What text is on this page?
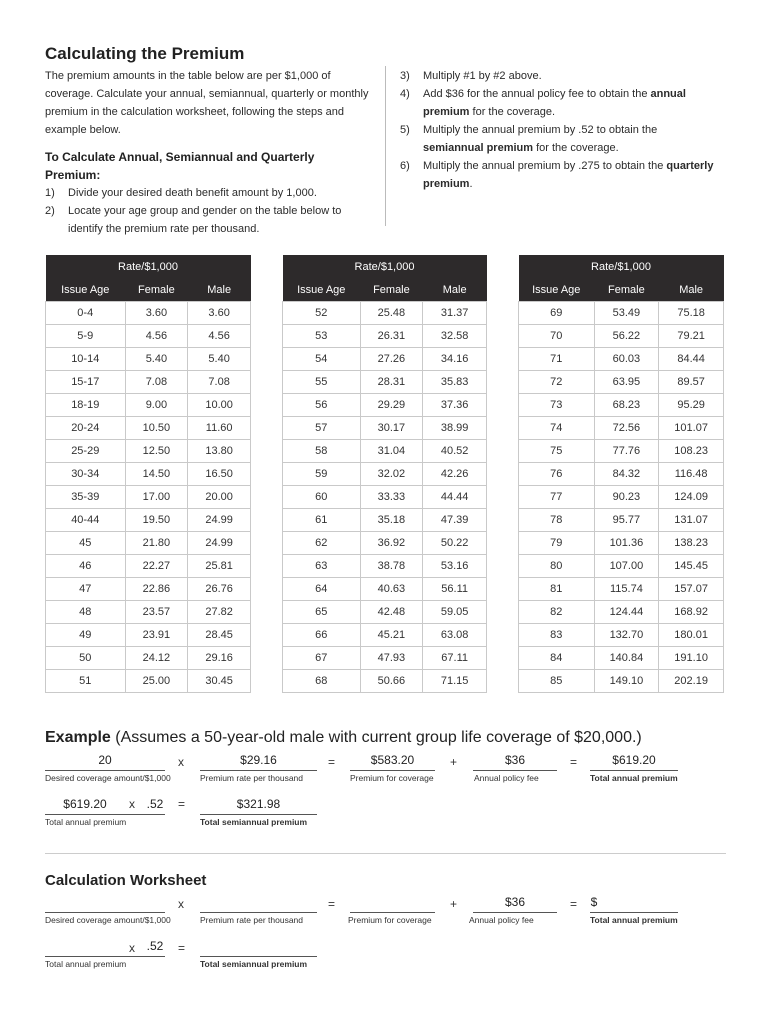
Calculating the Premium
The premium amounts in the table below are per $1,000 of coverage. Calculate your annual, semiannual, quarterly or monthly premium in the calculation worksheet, following the steps and example below.
To Calculate Annual, Semiannual and Quarterly Premium:
1) Divide your desired death benefit amount by 1,000.
2) Locate your age group and gender on the table below to identify the premium rate per thousand.
3) Multiply #1 by #2 above.
4) Add $36 for the annual policy fee to obtain the annual premium for the coverage.
5) Multiply the annual premium by .52 to obtain the semiannual premium for the coverage.
6) Multiply the annual premium by .275 to obtain the quarterly premium.
Rate/$1,000		
Issue Age	Female	Male
0-4	3.60	3.60
5-9	4.56	4.56
10-14	5.40	5.40
15-17	7.08	7.08
18-19	9.00	10.00
20-24	10.50	11.60
25-29	12.50	13.80
30-34	14.50	16.50
35-39	17.00	20.00
40-44	19.50	24.99
45	21.80	24.99
46	22.27	25.81
47	22.86	26.76
48	23.57	27.82
49	23.91	28.45
50	24.12	29.16
51	25.00	30.45
Rate/$1,000		
Issue Age	Female	Male
52	25.48	31.37
53	26.31	32.58
54	27.26	34.16
55	28.31	35.83
56	29.29	37.36
57	30.17	38.99
58	31.04	40.52
59	32.02	42.26
60	33.33	44.44
61	35.18	47.39
62	36.92	50.22
63	38.78	53.16
64	40.63	56.11
65	42.48	59.05
66	45.21	63.08
67	47.93	67.11
68	50.66	71.15
Rate/$1,000		
Issue Age	Female	Male
69	53.49	75.18
70	56.22	79.21
71	60.03	84.44
72	63.95	89.57
73	68.23	95.29
74	72.56	101.07
75	77.76	108.23
76	84.32	116.48
77	90.23	124.09
78	95.77	131.07
79	101.36	138.23
80	107.00	145.45
81	115.74	157.07
82	124.44	168.92
83	132.70	180.01
84	140.84	191.10
85	149.10	202.19
Example (Assumes a 50-year-old male with current group life coverage of $20,000.)
20
Desired coverage amount/$1,000
x	$29.16
Premium rate per thousand
=	$583.20
Premium for coverage
+	$36
Annual policy fee
=	$619.20
Total annual premium
$619.20	x .52
Total annual premium
=	$321.98
Total semiannual premium
Calculation Worksheet
Desired coverage amount/$1,000
x
Premium rate per thousand
=
Premium for coverage
+	$36
Annual policy fee
= $
Total annual premium
x .52
Total annual premium
=
Total semiannual premium
